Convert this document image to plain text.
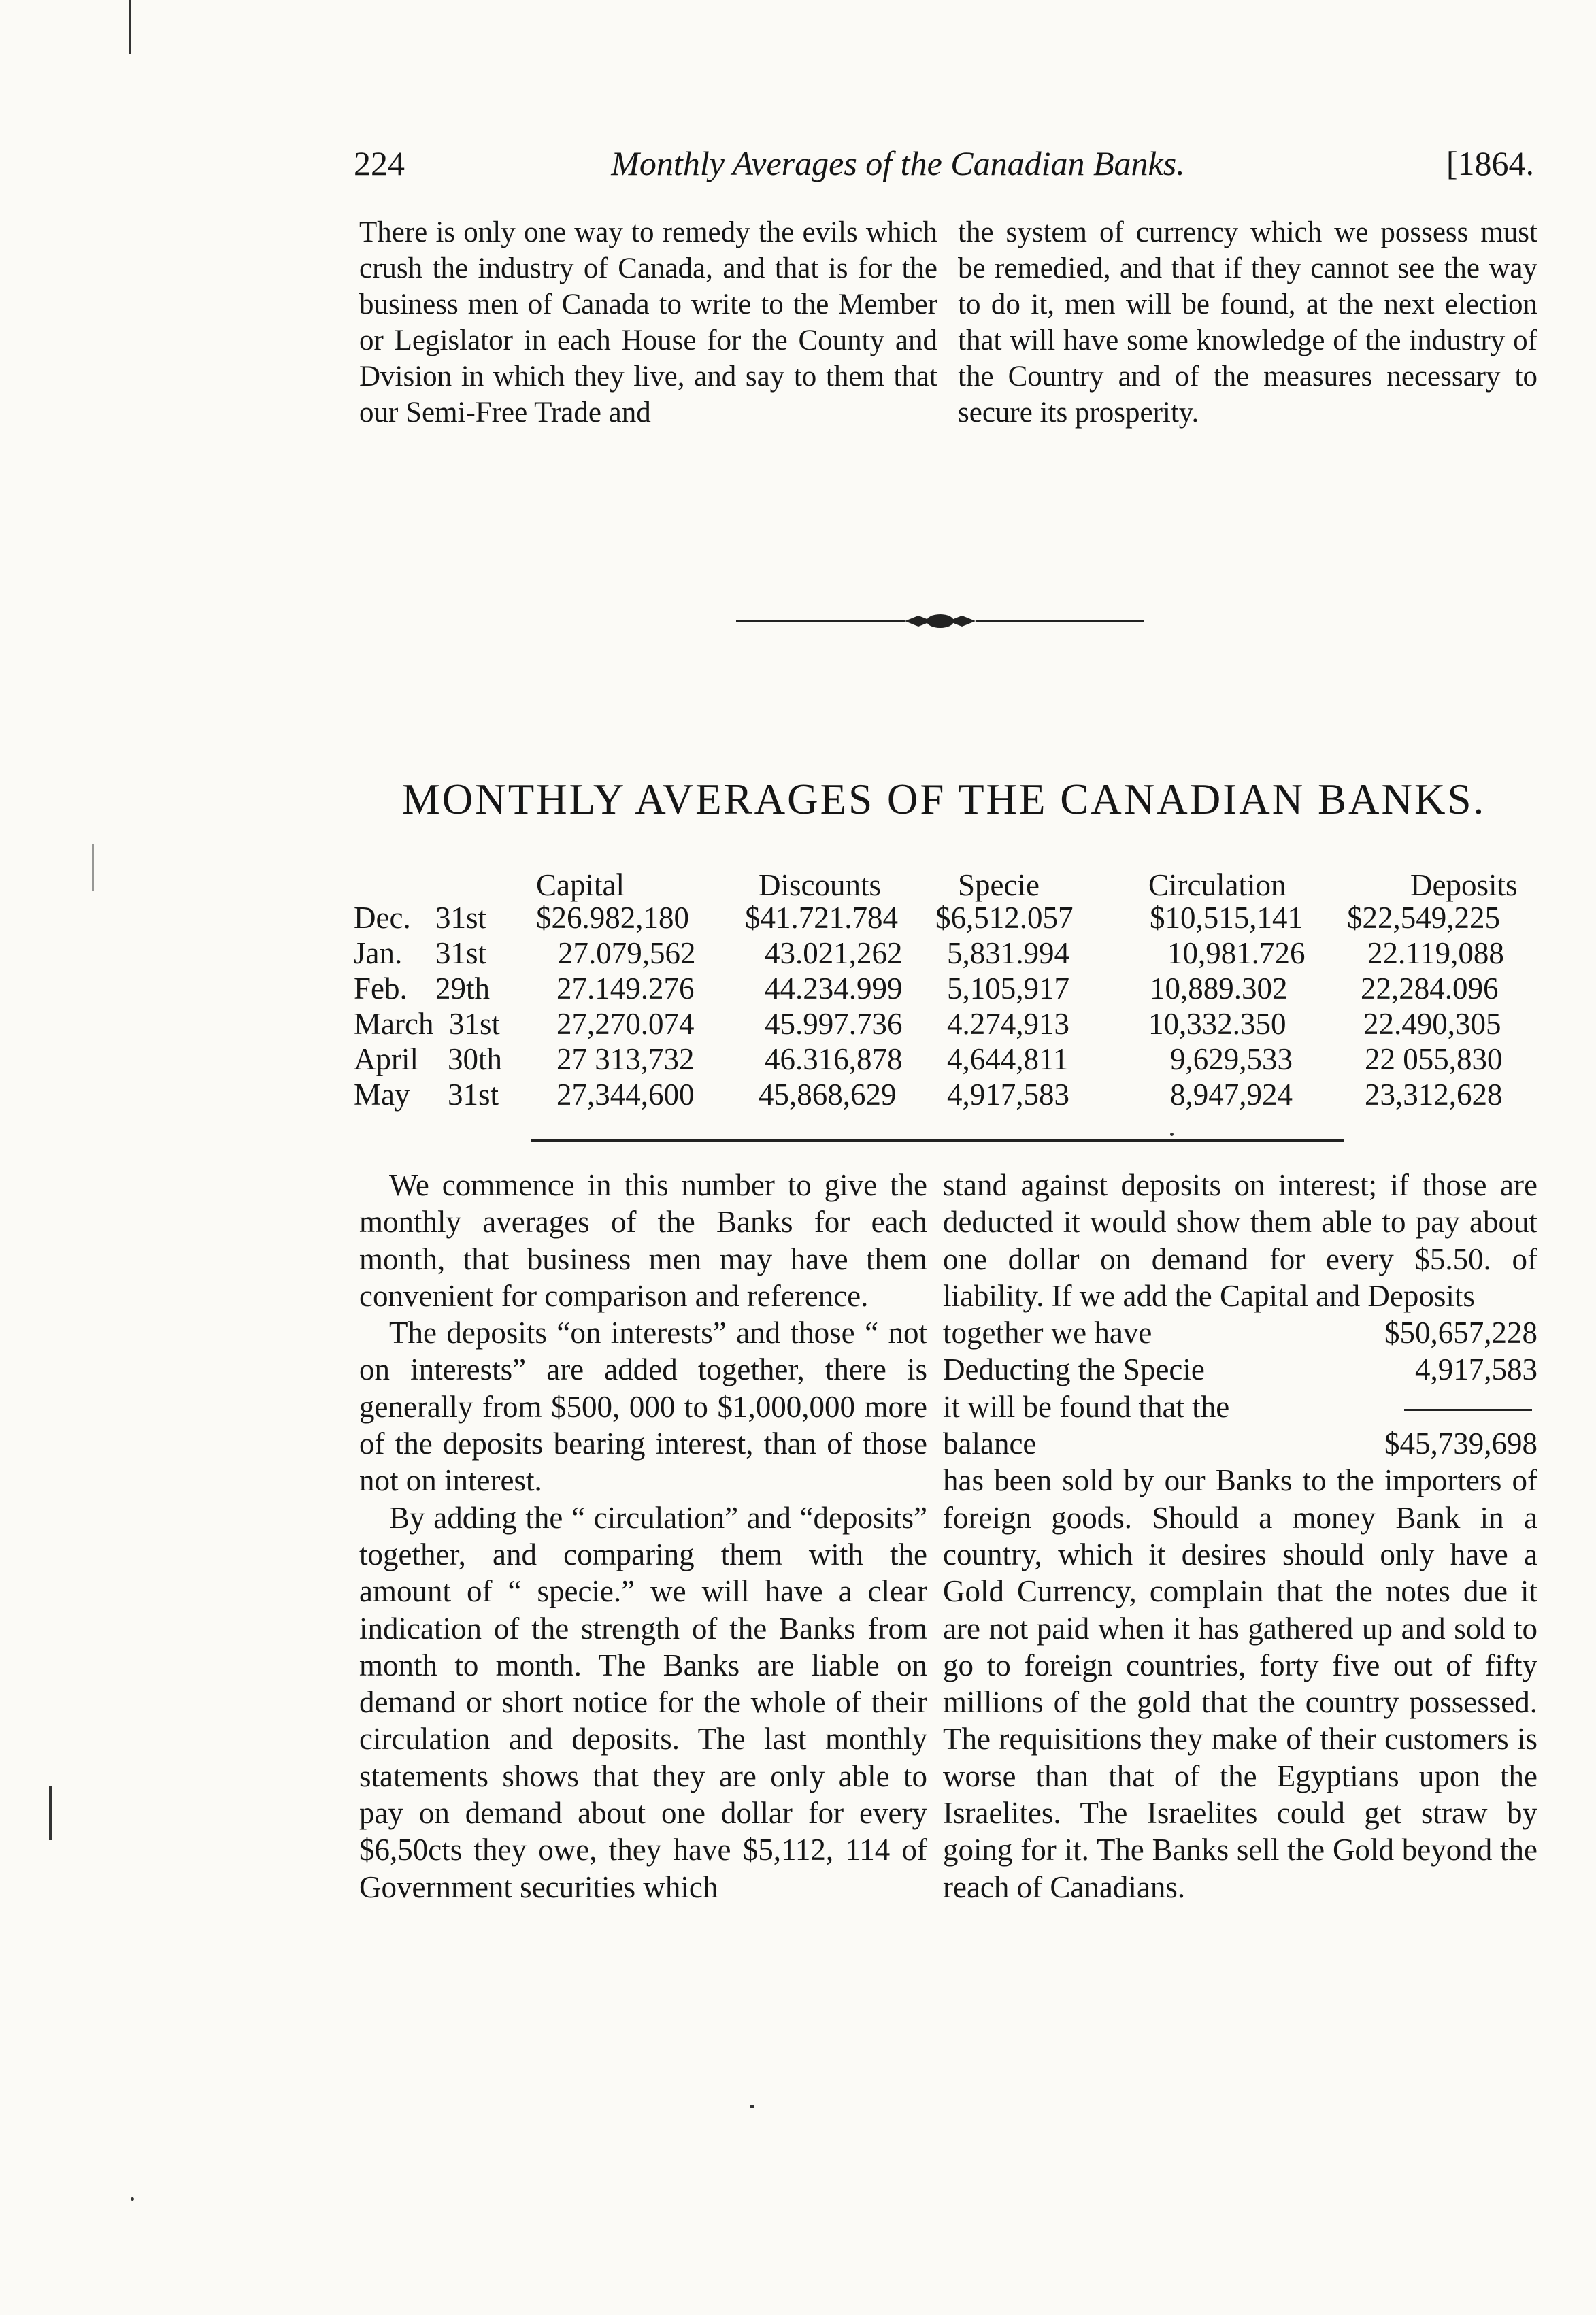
224	Monthly Averages of the Canadian Banks.	[1864.

There is only one way to remedy the evils which crush the industry of Canada, and that is for the business men of Canada to write to the Member or Legislator in each House for the County and Dvision in which they live, and say to them that our Semi-Free Trade and

the system of currency which we possess must be remedied, and that if they cannot see the way to do it, men will be found, at the next election that will have some knowledge of the industry of the Country and of the measures necessary to secure its prosperity.

MONTHLY AVERAGES OF THE CANADIAN BANKS.
Capital	Discounts	Specie	Circulation	Deposits
Dec. 31st $26.982,180 $41.721.784 $6,512.057	$10,515,141 $22,549,225
Jan. 31st 27.079,562 43.021,262 5,831.994	10,981.726 22.119,088
Feb. 29th 27.149.276 44.234.999 5,105,917	10,889.302 22,284.096
March 31st 27,270.074 45.997.736 4.274,913	10,332.350	22.490,305
April 30th 27 313,732 46.316,878 4,644,811	9,629,533 22 055,830
May 31st 27,344,600 45,868,629 4,917,583	8,947,924 23,312,628

We commence in this number to give the monthly averages of the Banks for each month, that business men may have them convenient for comparison and reference.

The deposits “on interests” and those “ not on interests” are added together, there is generally from $500, 000 to $1,000,000 more of the deposits bearing interest, than of those not on interest.

By adding the “ circulation” and “deposits” together, and comparing them with the amount of “ specie.” we will have a clear indication of the strength of the Banks from month to month. The Banks are liable on demand or short notice for the whole of their circulation and deposits. The last monthly statements shows that they are only able to pay on demand about one dollar for every $6,50cts they owe, they have $5,112, 114 of Government securities which

stand against deposits on interest; if those are deducted it would show them able to pay about one dollar on demand for every $5.50. of liability. If we add the Capital and Deposits

together we have	$50,657,228
Deducting the Specie	4,917,583
it will be found that the
balance	$45,739,698

has been sold by our Banks to the importers of foreign goods. Should a money Bank in a country, which it desires should only have a Gold Currency, complain that the notes due it are not paid when it has gathered up and sold to go to foreign countries, forty five out of fifty millions of the gold that the country possessed. The requisitions they make of their customers is worse than that of the Egyptians upon the Israelites. The Israelites could get straw by going for it. The Banks sell the Gold beyond the reach of Canadians.
